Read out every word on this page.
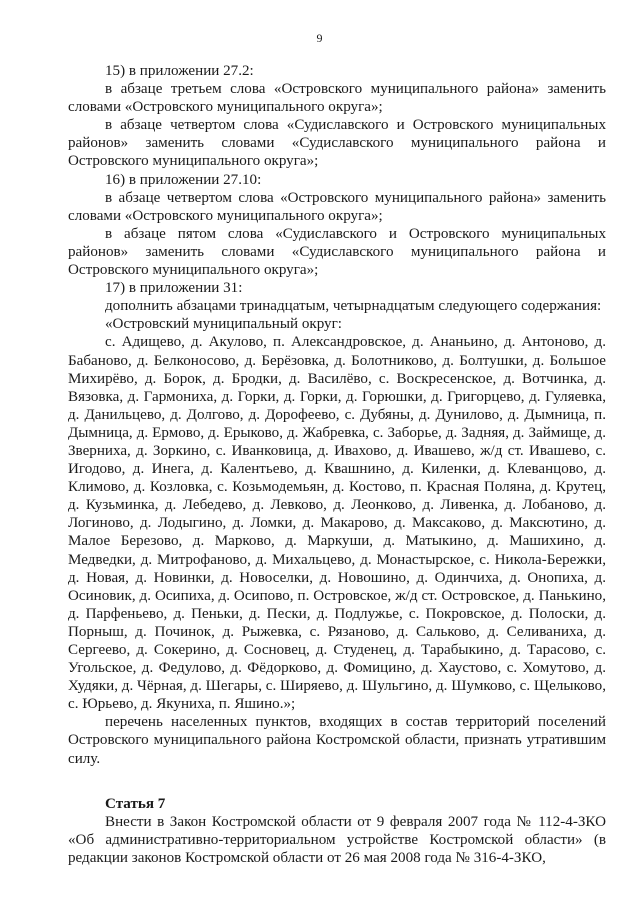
9

15) в приложении 27.2:

в абзаце третьем слова «Островского муниципального района» заменить словами «Островского муниципального округа»;

в абзаце четвертом слова «Судиславского и Островского муниципальных районов» заменить словами «Судиславского муниципального района и Островского муниципального округа»;

16) в приложении 27.10:

в абзаце четвертом слова «Островского муниципального района» заменить словами «Островского муниципального округа»;

в абзаце пятом слова «Судиславского и Островского муниципальных районов» заменить словами «Судиславского муниципального района и Островского муниципального округа»;

17) в приложении 31:

дополнить абзацами тринадцатым, четырнадцатым следующего содержания:

«Островский муниципальный округ:

с. Адищево, д. Акулово, п. Александровское, д. Ананьино, д. Антоново, д. Бабаново, д. Белконосово, д. Берёзовка, д. Болотниково, д. Болтушки, д. Большое Михирёво, д. Борок, д. Бродки, д. Василёво, с. Воскресенское, д. Вотчинка, д. Вязовка, д. Гармониха, д. Горки, д. Горки, д. Горюшки, д. Григорцево, д. Гуляевка, д. Данильцево, д. Долгово, д. Дорофеево, с. Дубяны, д. Дунилово, д. Дымница, п. Дымница, д. Ермово, д. Ерыково, д. Жабревка, с. Заборье, д. Задняя, д. Займище, д. Зверниха, д. Зоркино, с. Иванковица, д. Ивахово, д. Ивашево, ж/д ст. Ивашево, с. Игодово, д. Инега, д. Калентьево, д. Квашнино, д. Киленки, д. Клеванцово, д. Климово, д. Козловка, с. Козьмодемьян, д. Костово, п. Красная Поляна, д. Крутец, д. Кузьминка, д. Лебедево, д. Левково, д. Леонково, д. Ливенка, д. Лобаново, д. Логиново, д. Лодыгино, д. Ломки, д. Макарово, д. Максаково, д. Максютино, д. Малое Березово, д. Марково, д. Маркуши, д. Матыкино, д. Машихино, д. Медведки, д. Митрофаново, д. Михальцево, д. Монастырское, с. Никола-Бережки, д. Новая, д. Новинки, д. Новоселки, д. Новошино, д. Одинчиха, д. Онопиха, д. Осиновик, д. Осипиха, д. Осипово, п. Островское, ж/д ст. Островское, д. Панькино, д. Парфеньево, д. Пеньки, д. Пески, д. Подлужье, с. Покровское, д. Полоски, д. Порныш, д. Починок, д. Рыжевка, с. Рязаново, д. Сальково, д. Селиваниха, д. Сергеево, д. Сокерино, д. Сосновец, д. Студенец, д. Тарабыкино, д. Тарасово, с. Угольское, д. Федулово, д. Фёдорково, д. Фомицино, д. Хаустово, с. Хомутово, д. Худяки, д. Чёрная, д. Шегары, с. Ширяево, д. Шульгино, д. Шумково, с. Щелыково, с. Юрьево, д. Якуниха, п. Яшино.»;

перечень населенных пунктов, входящих в состав территорий поселений Островского муниципального района Костромской области, признать утратившим силу.

Статья 7

Внести в Закон Костромской области от 9 февраля 2007 года № 112-4-ЗКО «Об административно-территориальном устройстве Костромской области» (в редакции законов Костромской области от 26 мая 2008 года № 316-4-ЗКО,
